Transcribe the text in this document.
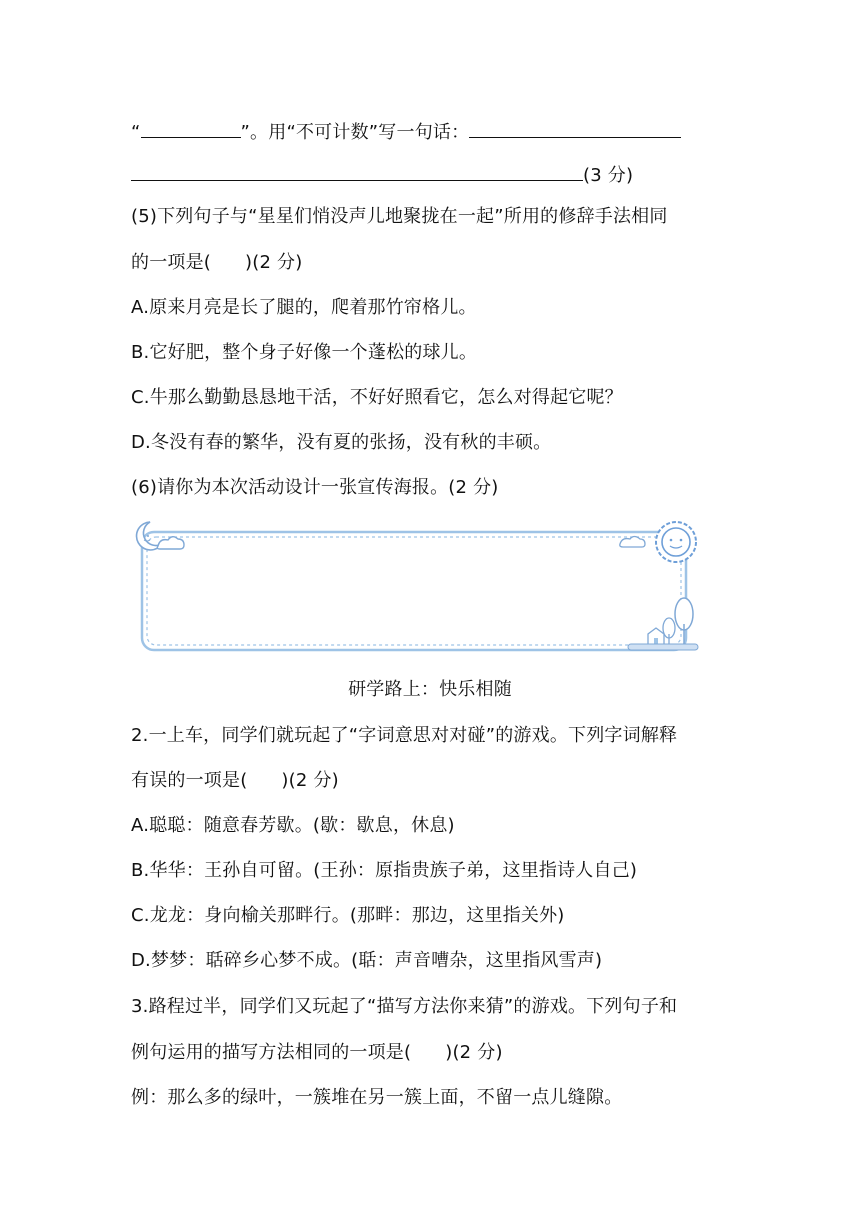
“	”。用“不可计数”写一句话：
(3 分)
(5)下列句子与“星星们悄没声儿地聚拢在一起”所用的修辞手法相同
的一项是( )(2 分)
A.原来月亮是长了腿的，爬着那竹帘格儿。
B.它好肥，整个身子好像一个蓬松的球儿。
C.牛那么勤勤恳恳地干活，不好好照看它，怎么对得起它呢？
D.冬没有春的繁华，没有夏的张扬，没有秋的丰硕。
(6)请你为本次活动设计一张宣传海报。(2 分)
研学路上：快乐相随
2.一上车，同学们就玩起了“字词意思对对碰”的游戏。下列字词解释
有误的一项是( )(2 分)
A.聪聪：随意春芳歇。(歇：歇息，休息)
B.华华：王孙自可留。(王孙：原指贵族子弟，这里指诗人自己)
C.龙龙：身向榆关那畔行。(那畔：那边，这里指关外)
D.梦梦：聒碎乡心梦不成。(聒：声音嘈杂，这里指风雪声)
3.路程过半，同学们又玩起了“描写方法你来猜”的游戏。下列句子和
例句运用的描写方法相同的一项是( )(2 分)
例：那么多的绿叶，一簇堆在另一簇上面，不留一点儿缝隙。
